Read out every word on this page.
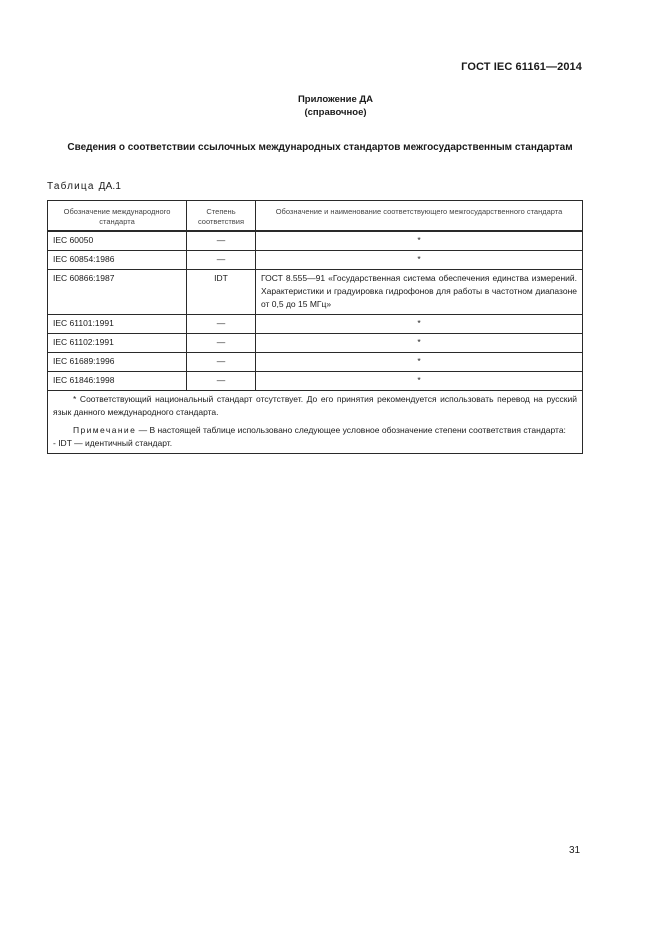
ГОСТ IEC 61161—2014
Приложение ДА
(справочное)
Сведения о соответствии ссылочных международных стандартов межгосударственным стандартам
Таблица ДА.1
Обозначение международного стандарта	Степень соответствия	Обозначение и наименование соответствующего межгосударственного стандарта
IEC 60050	—	*
IEC 60854:1986	—	*
IEC 60866:1987	IDT	ГОСТ 8.555—91 «Государственная система обеспечения единства измерений. Характеристики и градуировка гидрофонов для работы в частотном диапазоне от 0,5 до 15 МГц»
IEC 61101:1991	—	*
IEC 61102:1991	—	*
IEC 61689:1996	—	*
IEC 61846:1998	—	*

* Соответствующий национальный стандарт отсутствует. До его принятия рекомендуется использовать перевод на русский язык данного международного стандарта.

Примечание — В настоящей таблице использовано следующее условное обозначение степени соответствия стандарта:

- IDT — идентичный стандарт.		

31
